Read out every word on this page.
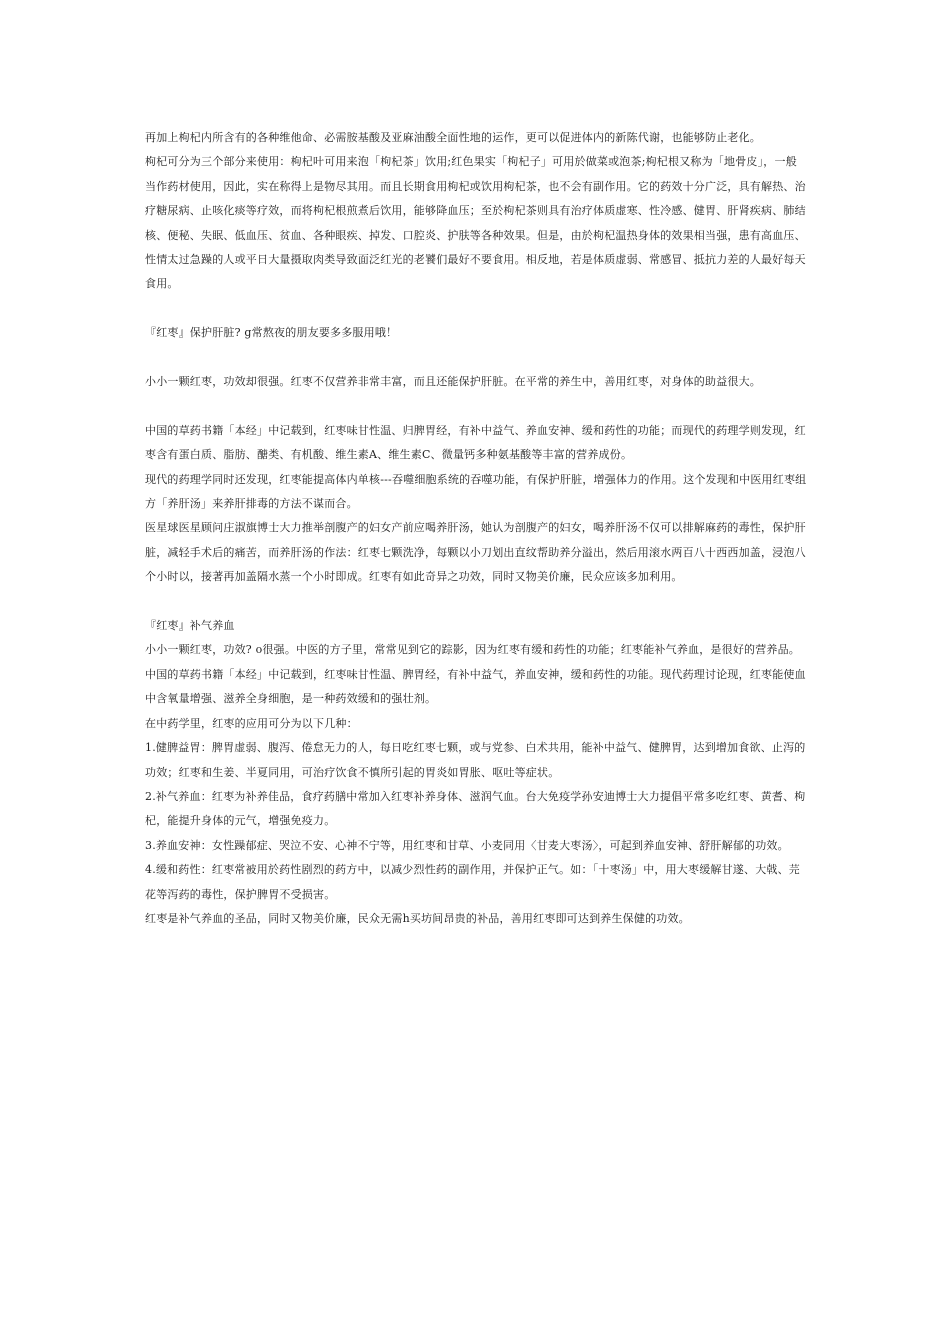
再加上枸杞内所含有的各种维他命、必需胺基酸及亚麻油酸全面性地的运作，更可以促进体内的新陈代谢，也能够防止老化。

枸杞可分为三个部分来使用：枸杞叶可用来泡「枸杞茶」饮用;红色果实「枸杞子」可用於做菜或泡茶;枸杞根又称为「地骨皮」，一般

当作药材使用，因此，实在称得上是物尽其用。而且长期食用枸杞或饮用枸杞茶，也不会有副作用。它的药效十分广泛，具有解热、治

疗糖尿病、止咳化痰等疗效，而将枸杞根煎煮后饮用，能够降血压；至於枸杞茶则具有治疗体质虚寒、性冷感、健胃、肝肾疾病、肺结

核、便秘、失眠、低血压、贫血、各种眼疾、掉发、口腔炎、护肤等各种效果。但是，由於枸杞温热身体的效果相当强，患有高血压、

性情太过急躁的人或平日大量摄取肉类导致面泛红光的老饕们最好不要食用。相反地，若是体质虚弱、常感冒、抵抗力差的人最好每天

食用。

『红枣』保护肝脏? g常熬夜的朋友要多多服用哦！

小小一颗红枣，功效却很强。红枣不仅营养非常丰富，而且还能保护肝脏。在平常的养生中，善用红枣，对身体的助益很大。

中国的草药书籍「本经」中记载到，红枣味甘性温、归脾胃经，有补中益气、养血安神、缓和药性的功能；而现代的药理学则发现，红

枣含有蛋白质、脂肪、醣类、有机酸、维生素A、维生素C、微量钙多种氨基酸等丰富的营养成份。

现代的药理学同时还发现，红枣能提高体内单核---吞噬细胞系统的吞噬功能，有保护肝脏，增强体力的作用。这个发现和中医用红枣组

方「养肝汤」来养肝排毒的方法不谋而合。

医星球医星顾问庄淑旗博士大力推举剖腹产的妇女产前应喝养肝汤，她认为剖腹产的妇女，喝养肝汤不仅可以排解麻药的毒性，保护肝

脏，减轻手术后的痛苦，而养肝汤的作法：红枣七颗洗净，每颗以小刀划出直纹帮助养分溢出，然后用滚水两百八十西西加盖，浸泡八

个小时以，接著再加盖隔水蒸一个小时即成。红枣有如此奇异之功效，同时又物美价廉，民众应该多加利用。

『红枣』补气养血

小小一颗红枣，功效? o很强。中医的方子里，常常见到它的踪影，因为红枣有缓和药性的功能；红枣能补气养血，是很好的营养品。

中国的草药书籍「本经」中记载到，红枣味甘性温、脾胃经，有补中益气，养血安神，缓和药性的功能。现代药理讨论现，红枣能使血

中含氧量增强、滋养全身细胞，是一种药效缓和的强壮剂。

在中药学里，红枣的应用可分为以下几种：

1.健脾益胃：脾胃虚弱、腹泻、倦怠无力的人，每日吃红枣七颗，或与党参、白术共用，能补中益气、健脾胃，达到增加食欲、止泻的

功效；红枣和生姜、半夏同用，可治疗饮食不慎所引起的胃炎如胃胀、呕吐等症状。

2.补气养血：红枣为补养佳品，食疗药膳中常加入红枣补养身体、滋润气血。台大免疫学孙安迪博士大力提倡平常多吃红枣、黄耆、枸

杞，能提升身体的元气，增强免疫力。

3.养血安神：女性躁郁症、哭泣不安、心神不宁等，用红枣和甘草、小麦同用〈甘麦大枣汤〉，可起到养血安神、舒肝解郁的功效。

4.缓和药性：红枣常被用於药性剧烈的药方中，以减少烈性药的副作用，并保护正气。如：「十枣汤」中，用大枣缓解甘遂、大戟、芫

花等泻药的毒性，保护脾胃不受损害。

红枣是补气养血的圣品，同时又物美价廉，民众无需h买坊间昂贵的补品，善用红枣即可达到养生保健的功效。
